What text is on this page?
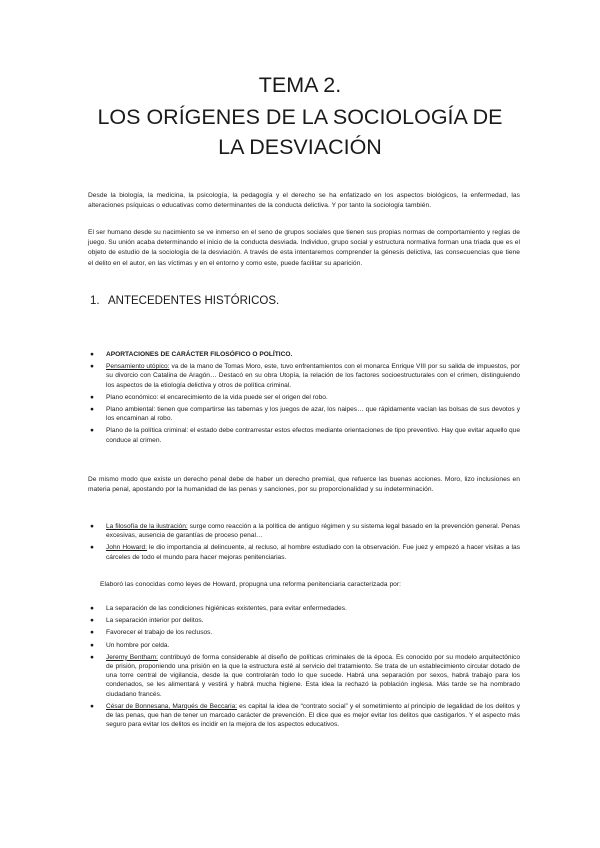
TEMA 2.
LOS ORÍGENES DE LA SOCIOLOGÍA DE
LA DESVIACIÓN
Desde la biología, la medicina, la psicología, la pedagogía y el derecho se ha enfatizado en los aspectos biológicos, la enfermedad, las alteraciones psíquicas o educativas como determinantes de la conducta delictiva. Y por tanto la sociología también.
El ser humano desde su nacimiento se ve inmerso en el seno de grupos sociales que tienen sus propias normas de comportamiento y reglas de juego. Su unión acaba determinando el inicio de la conducta desviada. Individuo, grupo social y estructura normativa forman una triada que es el objeto de estudio de la sociología de la desviación. A través de esta intentaremos comprender la génesis delictiva, las consecuencias que tiene el delito en el autor, en las víctimas y en el entorno y como este, puede facilitar su aparición.
1. ANTECEDENTES HISTÓRICOS.
● APORTACIONES DE CARÁCTER FILOSÓFICO O POLÍTICO.
● Pensamiento utópico: va de la mano de Tomas Moro, este, tuvo enfrentamientos con el monarca Enrique VIII por su salida de impuestos, por su divorcio con Catalina de Aragón… Destacó en su obra Utopía, la relación de los factores socioestructurales con el crimen, distinguiendo los aspectos de la etiología delictiva y otros de política criminal.
● Plano económico: el encarecimiento de la vida puede ser el origen del robo.
● Plano ambiental: tienen que compartirse las tabernas y los juegos de azar, los naipes… que rápidamente vacían las bolsas de sus devotos y los encaminan al robo.
● Plano de la política criminal: el estado debe contrarrestar estos efectos mediante orientaciones de tipo preventivo. Hay que evitar aquello que conduce al crimen.
De mismo modo que existe un derecho penal debe de haber un derecho premial, que refuerce las buenas acciones. Moro, lizo inclusiones en materia penal, apostando por la humanidad de las penas y sanciones, por su proporcionalidad y su indeterminación.
● La filosofía de la ilustración: surge como reacción a la política de antiguo régimen y su sistema legal basado en la prevención general. Penas excesivas, ausencia de garantías de proceso penal…
● John Howard: le dio importancia al delincuente, al recluso, al hombre estudiado con la observación. Fue juez y empezó a hacer visitas a las cárceles de todo el mundo para hacer mejoras penitenciarias.
Elaboró las conocidas como leyes de Howard, propugna una reforma penitenciaria caracterizada por:
● La separación de las condiciones higiénicas existentes, para evitar enfermedades.
● La separación interior por delitos.
● Favorecer el trabajo de los reclusos.
● Un hombre por celda.
● Jeremy Bentham: contribuyó de forma considerable al diseño de políticas criminales de la época. Es conocido por su modelo arquitectónico de prisión, proponiendo una prisión en la que la estructura esté al servicio del tratamiento. Se trata de un establecimiento circular dotado de una torre central de vigilancia, desde la que controlarán todo lo que sucede. Habrá una separación por sexos, habrá trabajo para los condenados, se les alimentará y vestirá y habrá mucha higiene. Esta idea la rechazó la población inglesa. Más tarde se ha nombrado ciudadano francés.
● César de Bonnesana, Marqués de Beccaria: es capital la idea de “contrato social” y el sometimiento al principio de legalidad de los delitos y de las penas, que han de tener un marcado carácter de prevención. El dice que es mejor evitar los delitos que castigarlos. Y el aspecto más seguro para evitar los delitos es incidir en la mejora de los aspectos educativos.
